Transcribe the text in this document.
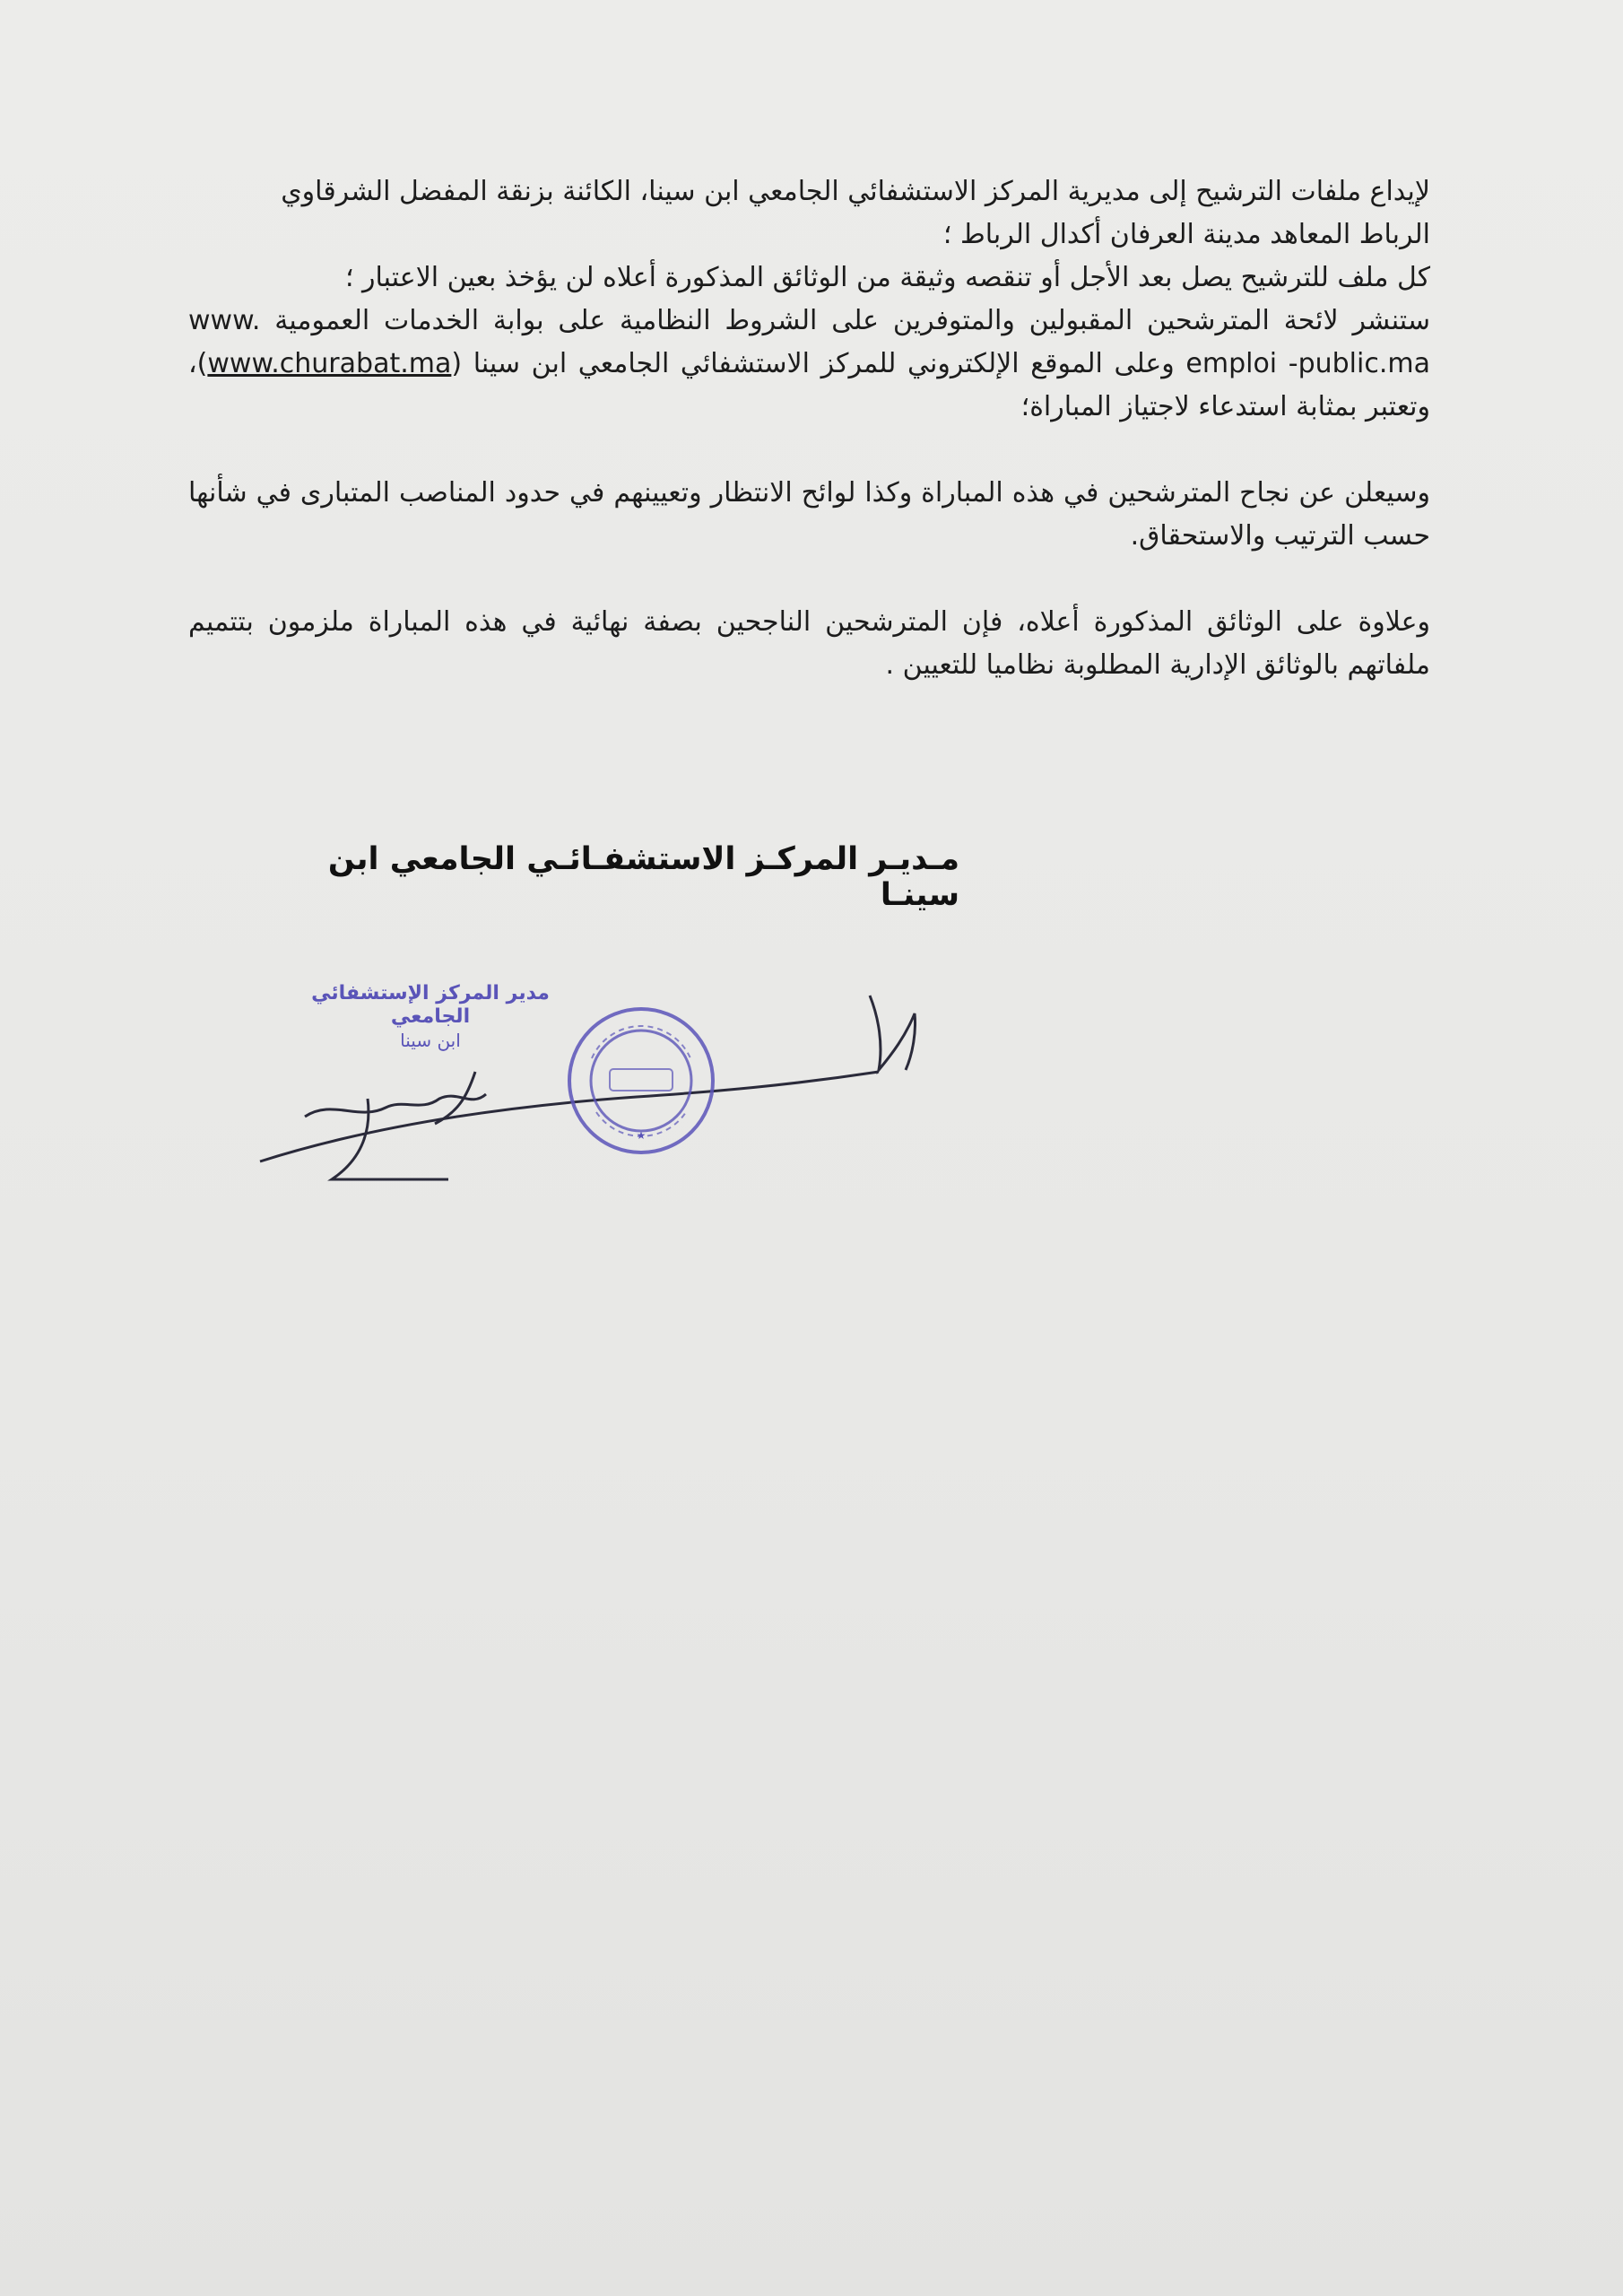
لإيداع ملفات الترشيح إلى مديرية المركز الاستشفائي الجامعي ابن سينا، الكائنة بزنقة المفضل الشرقاوي
الرباط المعاهد مدينة العرفان أكدال الرباط ؛

كل ملف للترشيح يصل بعد الأجل أو تنقصه وثيقة من الوثائق المذكورة أعلاه لن يؤخذ بعين الاعتبار ؛

ستنشر لائحة المترشحين المقبولين والمتوفرين على الشروط النظامية على بوابة الخدمات العمومية www. emploi -public.ma وعلى الموقع الإلكتروني للمركز الاستشفائي الجامعي ابن سينا (www.churabat.ma)، وتعتبر بمثابة استدعاء لاجتياز المباراة؛

وسيعلن عن نجاح المترشحين في هذه المباراة وكذا لوائح الانتظار وتعيينهم في حدود المناصب المتبارى في شأنها حسب الترتيب والاستحقاق.

وعلاوة على الوثائق المذكورة أعلاه، فإن المترشحين الناجحين بصفة نهائية في هذه المباراة ملزمون بتتميم ملفاتهم بالوثائق الإدارية المطلوبة نظاميا للتعيين .

مـديـر المركـز الاستشفـائـي الجامعي ابن سينـا
مدير المركز الإستشفائي الجامعي
ابن سينا
★
